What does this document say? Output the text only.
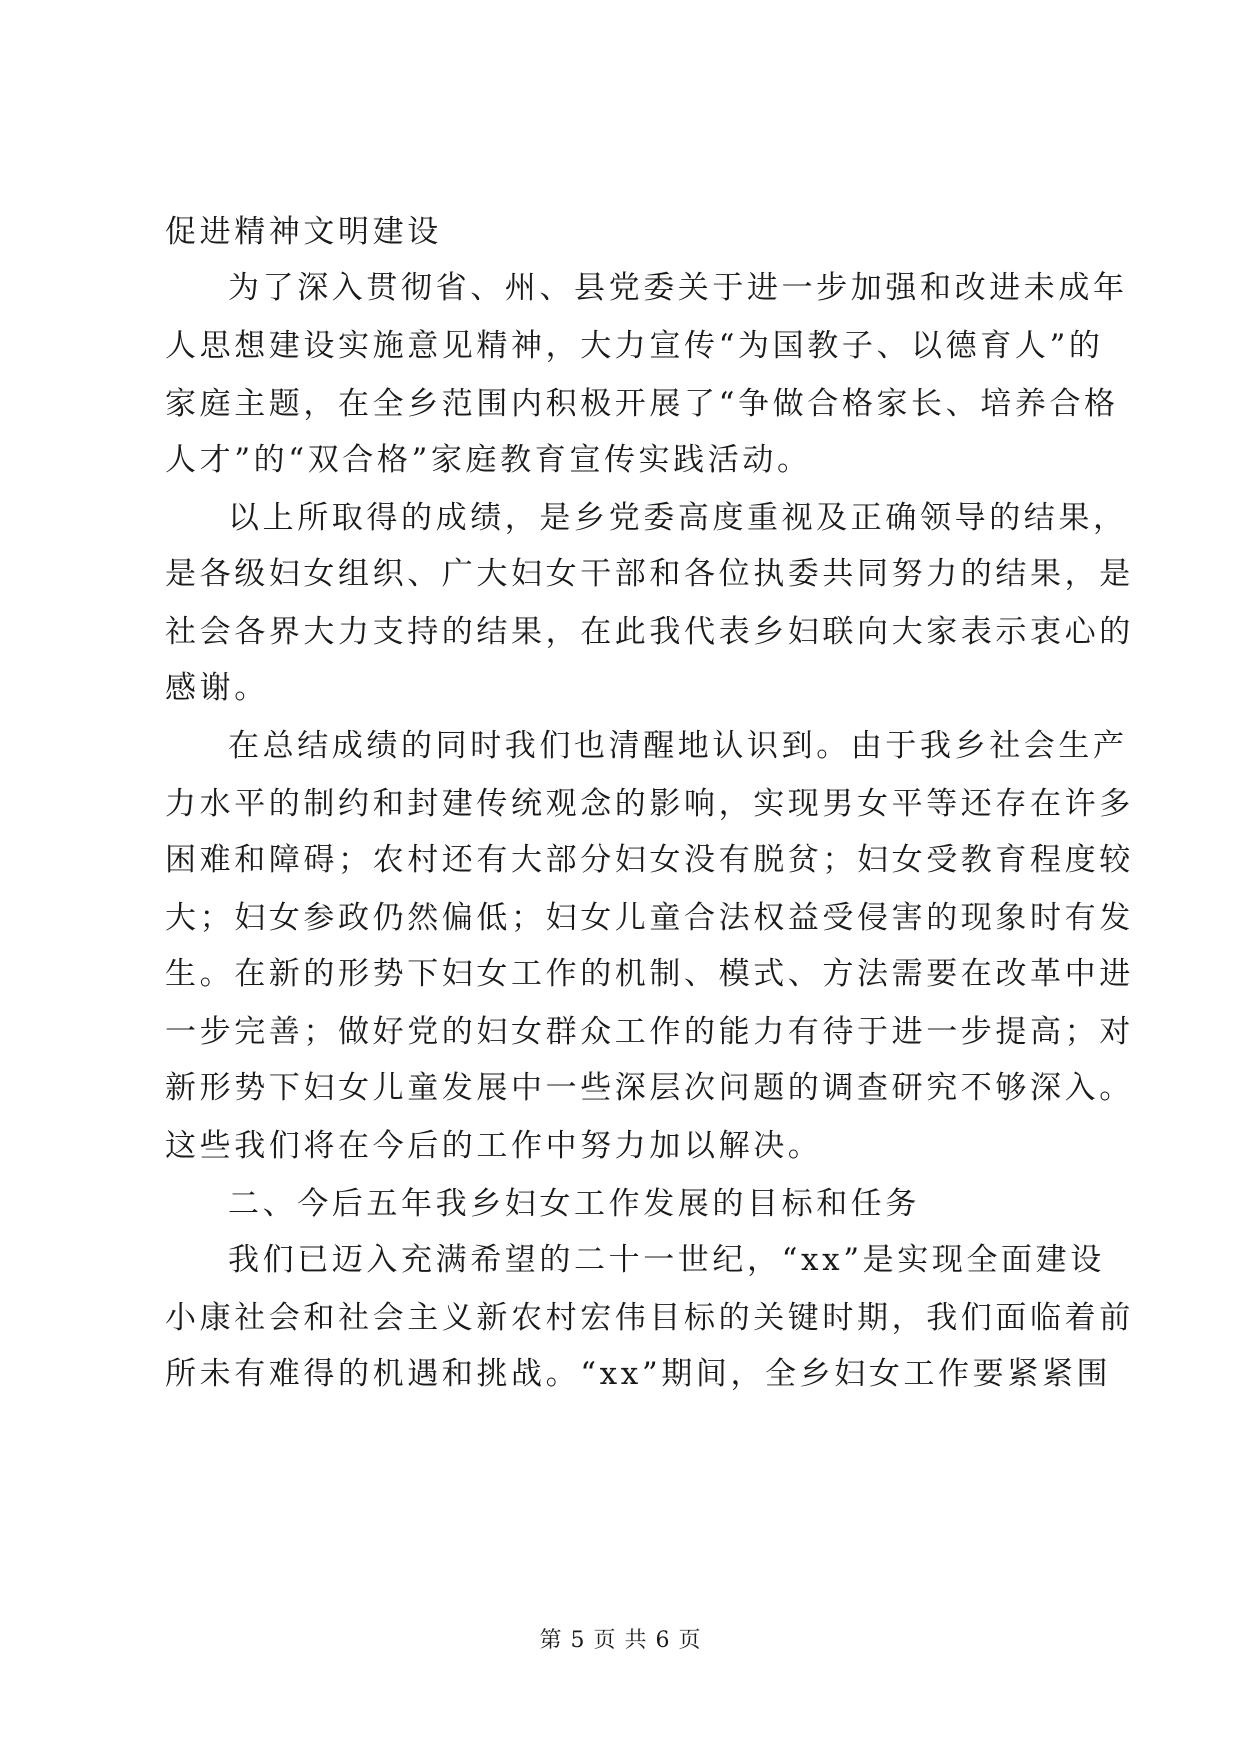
促进精神文明建设
为了深入贯彻省、州、县党委关于进一步加强和改进未成年
人思想建设实施意见精神，大力宣传“为国教子、以德育人”的
家庭主题，在全乡范围内积极开展了“争做合格家长、培养合格
人才”的“双合格”家庭教育宣传实践活动。
以上所取得的成绩，是乡党委高度重视及正确领导的结果，
是各级妇女组织、广大妇女干部和各位执委共同努力的结果，是
社会各界大力支持的结果，在此我代表乡妇联向大家表示衷心的
感谢。
在总结成绩的同时我们也清醒地认识到。由于我乡社会生产
力水平的制约和封建传统观念的影响，实现男女平等还存在许多
困难和障碍；农村还有大部分妇女没有脱贫；妇女受教育程度较
大；妇女参政仍然偏低；妇女儿童合法权益受侵害的现象时有发
生。在新的形势下妇女工作的机制、模式、方法需要在改革中进
一步完善；做好党的妇女群众工作的能力有待于进一步提高；对
新形势下妇女儿童发展中一些深层次问题的调查研究不够深入。
这些我们将在今后的工作中努力加以解决。
二、今后五年我乡妇女工作发展的目标和任务
我们已迈入充满希望的二十一世纪，“xx”是实现全面建设
小康社会和社会主义新农村宏伟目标的关键时期，我们面临着前
所未有难得的机遇和挑战。“xx”期间，全乡妇女工作要紧紧围
第 5 页 共 6 页
